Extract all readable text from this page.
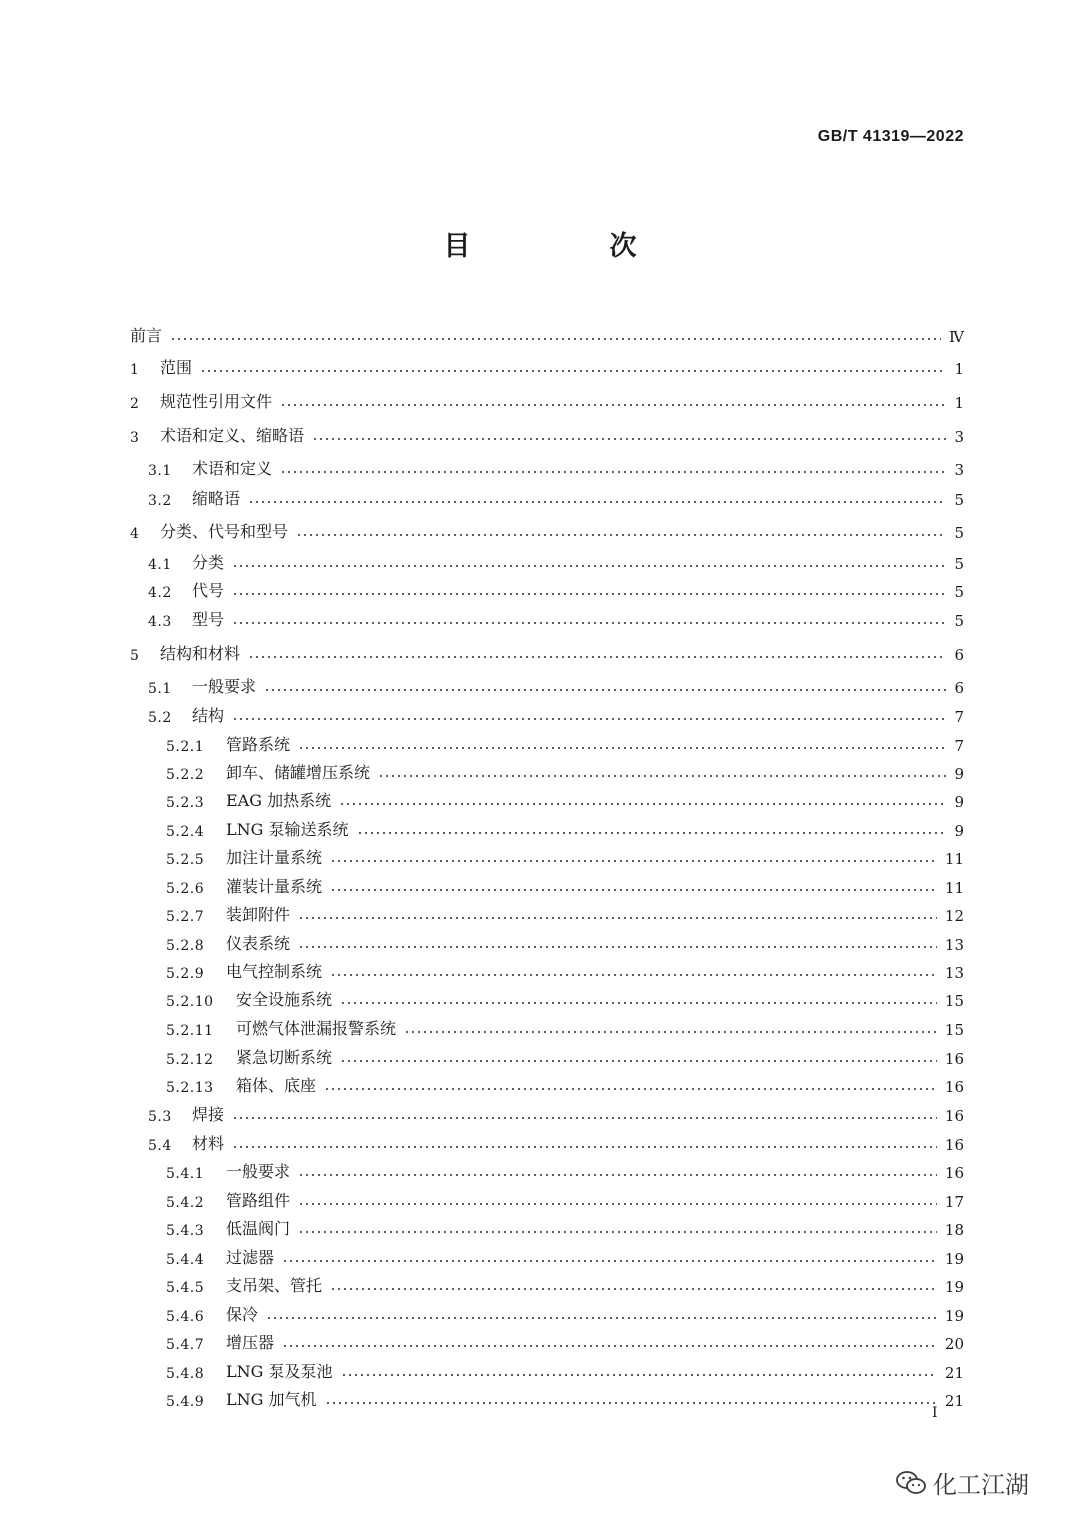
GB/T 41319—2022
目　次
前言	Ⅳ
1	范围	1
2	规范性引用文件	1
3	术语和定义、缩略语	3
3.1	术语和定义	3
3.2	缩略语	5
4	分类、代号和型号	5
4.1	分类	5
4.2	代号	5
4.3	型号	5
5	结构和材料	6
5.1	一般要求	6
5.2	结构	7
5.2.1	管路系统	7
5.2.2	卸车、储罐增压系统	9
5.2.3	EAG 加热系统	9
5.2.4	LNG 泵输送系统	9
5.2.5	加注计量系统	11
5.2.6	灌装计量系统	11
5.2.7	装卸附件	12
5.2.8	仪表系统	13
5.2.9	电气控制系统	13
5.2.10	安全设施系统	15
5.2.11	可燃气体泄漏报警系统	15
5.2.12	紧急切断系统	16
5.2.13	箱体、底座	16
5.3	焊接	16
5.4	材料	16
5.4.1	一般要求	16
5.4.2	管路组件	17
5.4.3	低温阀门	18
5.4.4	过滤器	19
5.4.5	支吊架、管托	19
5.4.6	保冷	19
5.4.7	增压器	20
5.4.8	LNG 泵及泵池	21
5.4.9	LNG 加气机	21
Ⅰ
化工江湖
